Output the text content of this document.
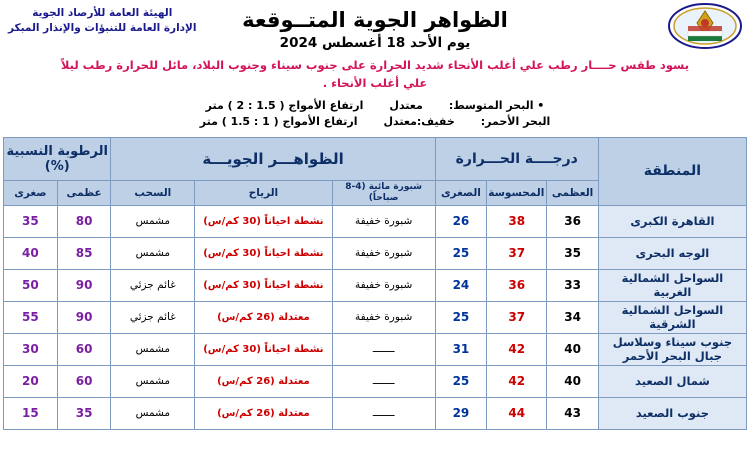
الهيئة العامة للأرصاد الجوية
الإدارة العامة للتنبؤات والإنذار المبكر	الظواهر الجوية المتــوقعة
يوم الأحد 18 أغسطس 2024
يسود طقس حــــار رطب علي أغلب الأنحاء شديد الحرارة على جنوب سيناء وجنوب البلاد، مائل للحرارة رطب ليلاً
علي أغلب الأنحاء .
• البحر المتوسط:
معتدل
ارتفاع الأمواج ( 1.5 : 2 ) متر
البحر الأحمر:
خفيف:معتدل
ارتفاع الأمواج ( 1 : 1.5 ) متر
المنطقة	درجــــة الحـــرارة			الظواهـــر الجويـــة			الرطوبة النسبية (%)	
	العظمى	المحسوسة	الصغرى	شبورة مائية (4-8 صباحاً)	الرياح	السحب	عظمى	صغرى
القاهرة الكبرى	36	38	26	شبورة خفيفة	نشطة احياناً (30 كم/س)	مشمس	80	35
الوجه البحرى	35	37	25	شبورة خفيفة	نشطة احياناً (30 كم/س)	مشمس	85	40
السواحل الشمالية الغربية	33	36	24	شبورة خفيفة	نشطة احياناً (30 كم/س)	غائم جزئي	90	50
السواحل الشمالية الشرقية	34	37	25	شبورة خفيفة	معتدلة (26 كم/س)	غائم جزئي	90	55
جنوب سيناء وسلاسل جبال البحر الأحمر	40	42	31	ـــــــ	نشطة احياناً (30 كم/س)	مشمس	60	30
شمال الصعيد	40	42	25	ـــــــ	معتدلة (26 كم/س)	مشمس	60	20
جنوب الصعيد	43	44	29	ـــــــ	معتدلة (26 كم/س)	مشمس	35	15
